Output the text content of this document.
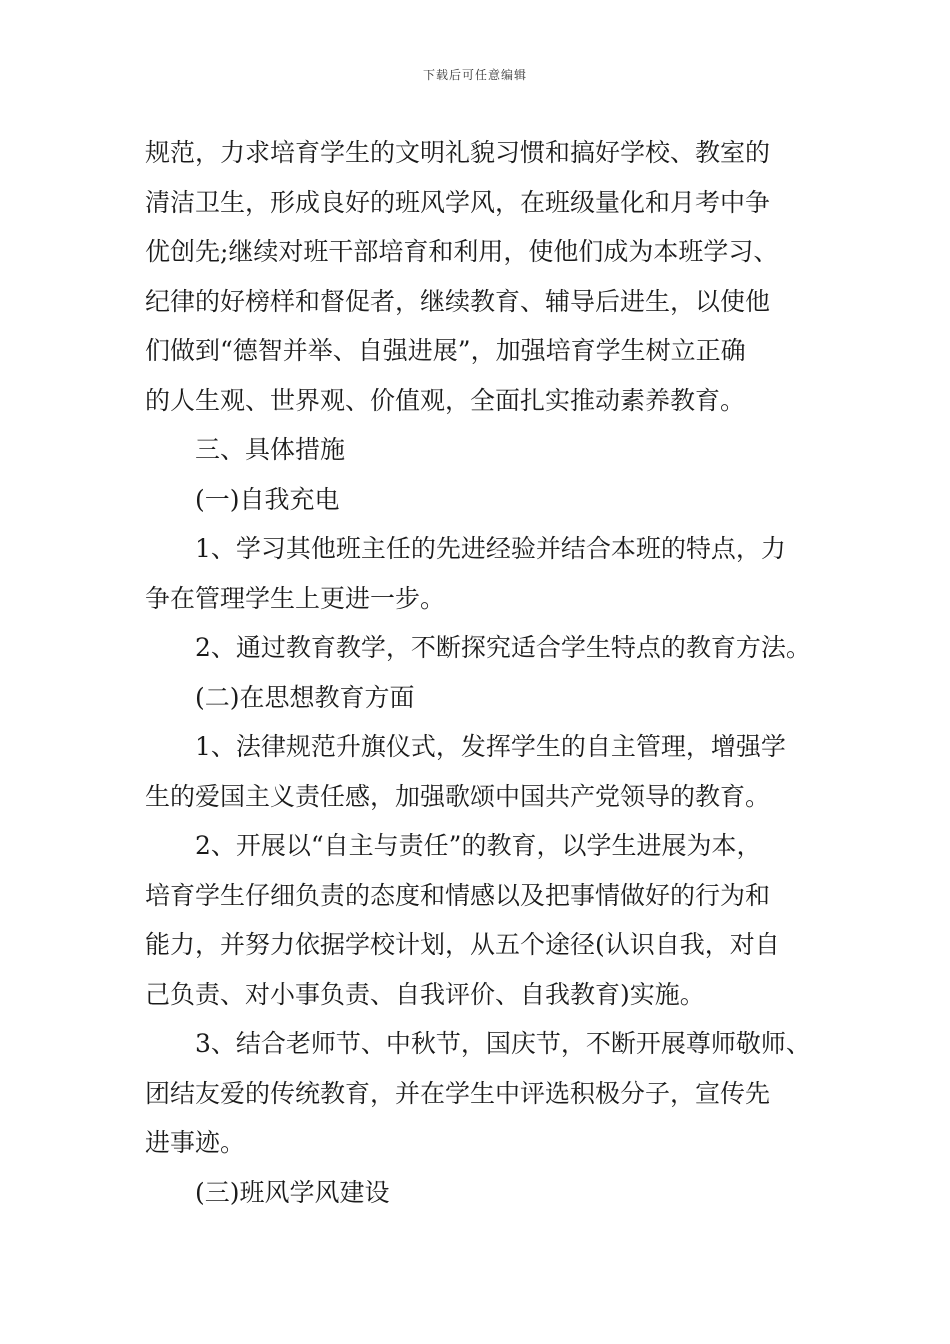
下载后可任意编辑
规范，力求培育学生的文明礼貌习惯和搞好学校、教室的
清洁卫生，形成良好的班风学风，在班级量化和月考中争
优创先;继续对班干部培育和利用，使他们成为本班学习、
纪律的好榜样和督促者，继续教育、辅导后进生，以使他
们做到“德智并举、自强进展”，加强培育学生树立正确
的人生观、世界观、价值观，全面扎实推动素养教育。
三、具体措施
(一)自我充电
1、学习其他班主任的先进经验并结合本班的特点，力
争在管理学生上更进一步。
2、通过教育教学，不断探究适合学生特点的教育方法。
(二)在思想教育方面
1、法律规范升旗仪式，发挥学生的自主管理，增强学
生的爱国主义责任感，加强歌颂中国共产党领导的教育。
2、开展以“自主与责任”的教育，以学生进展为本，
培育学生仔细负责的态度和情感以及把事情做好的行为和
能力，并努力依据学校计划，从五个途径(认识自我，对自
己负责、对小事负责、自我评价、自我教育)实施。
3、结合老师节、中秋节，国庆节，不断开展尊师敬师、
团结友爱的传统教育，并在学生中评选积极分子，宣传先
进事迹。
(三)班风学风建设
